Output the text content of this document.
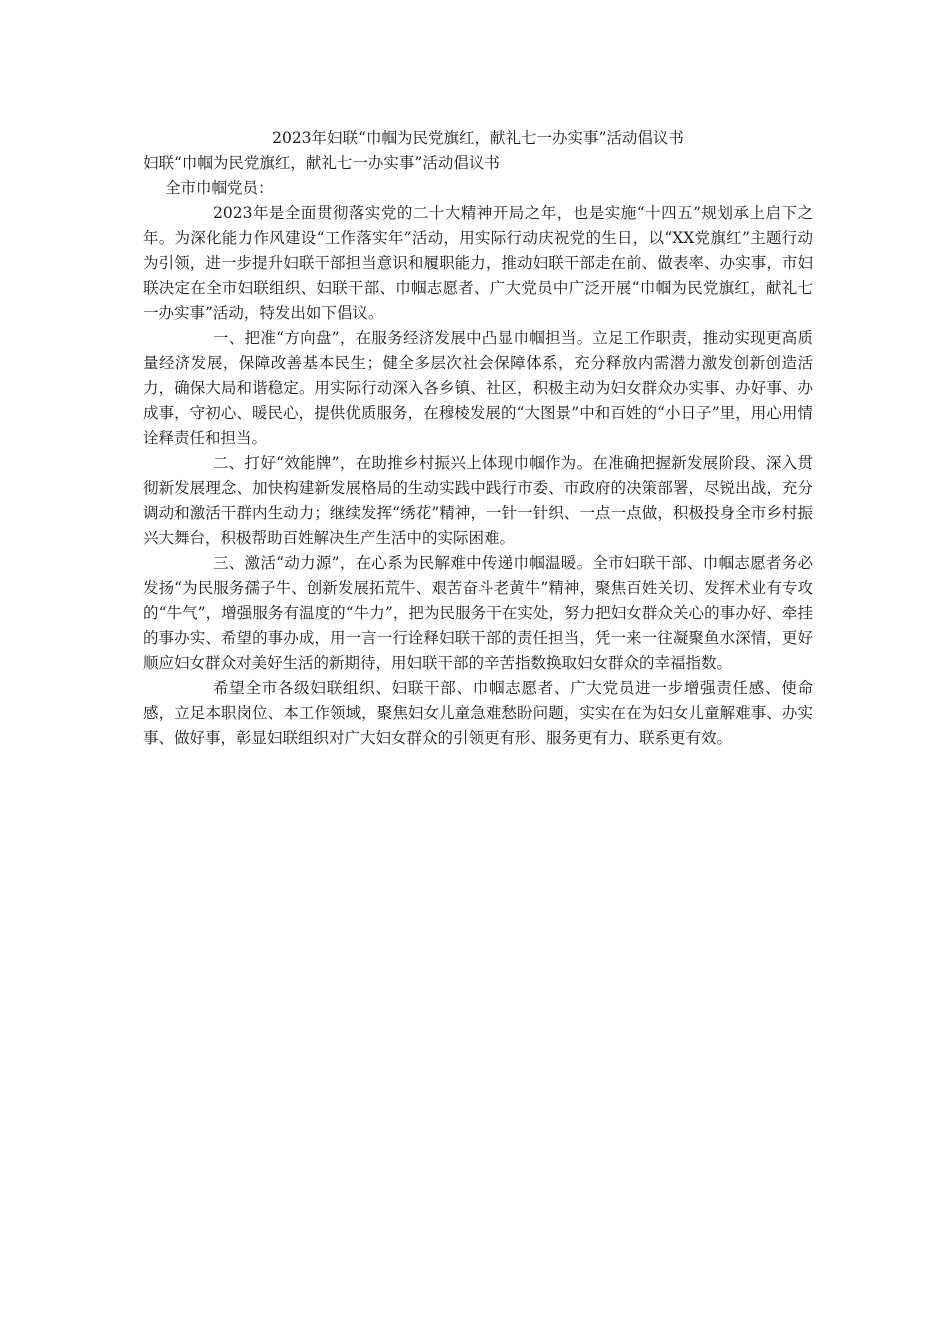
2023年妇联“巾帼为民党旗红，献礼七一办实事”活动倡议书

妇联“巾帼为民党旗红，献礼七一办实事”活动倡议书

全市巾帼党员：

2023年是全面贯彻落实党的二十大精神开局之年，也是实施“十四五”规划承上启下之年。为深化能力作风建设“工作落实年”活动，用实际行动庆祝党的生日，以“XX党旗红”主题行动为引领，进一步提升妇联干部担当意识和履职能力，推动妇联干部走在前、做表率、办实事，市妇联决定在全市妇联组织、妇联干部、巾帼志愿者、广大党员中广泛开展“巾帼为民党旗红，献礼七一办实事”活动，特发出如下倡议。

一、把准“方向盘”，在服务经济发展中凸显巾帼担当。立足工作职责，推动实现更高质量经济发展，保障改善基本民生；健全多层次社会保障体系，充分释放内需潜力激发创新创造活力，确保大局和谐稳定。用实际行动深入各乡镇、社区，积极主动为妇女群众办实事、办好事、办成事，守初心、暖民心，提供优质服务，在穆棱发展的“大图景”中和百姓的“小日子”里，用心用情诠释责任和担当。

二、打好“效能牌”，在助推乡村振兴上体现巾帼作为。在准确把握新发展阶段、深入贯彻新发展理念、加快构建新发展格局的生动实践中践行市委、市政府的决策部署，尽锐出战，充分调动和激活干群内生动力；继续发挥“绣花”精神，一针一针织、一点一点做，积极投身全市乡村振兴大舞台，积极帮助百姓解决生产生活中的实际困难。

三、激活“动力源”，在心系为民解难中传递巾帼温暖。全市妇联干部、巾帼志愿者务必发扬“为民服务孺子牛、创新发展拓荒牛、艰苦奋斗老黄牛”精神，聚焦百姓关切、发挥术业有专攻的“牛气”，增强服务有温度的“牛力”，把为民服务干在实处，努力把妇女群众关心的事办好、牵挂的事办实、希望的事办成，用一言一行诠释妇联干部的责任担当，凭一来一往凝聚鱼水深情，更好顺应妇女群众对美好生活的新期待，用妇联干部的辛苦指数换取妇女群众的幸福指数。

希望全市各级妇联组织、妇联干部、巾帼志愿者、广大党员进一步增强责任感、使命感，立足本职岗位、本工作领域，聚焦妇女儿童急难愁盼问题，实实在在为妇女儿童解难事、办实事、做好事，彰显妇联组织对广大妇女群众的引领更有形、服务更有力、联系更有效。
